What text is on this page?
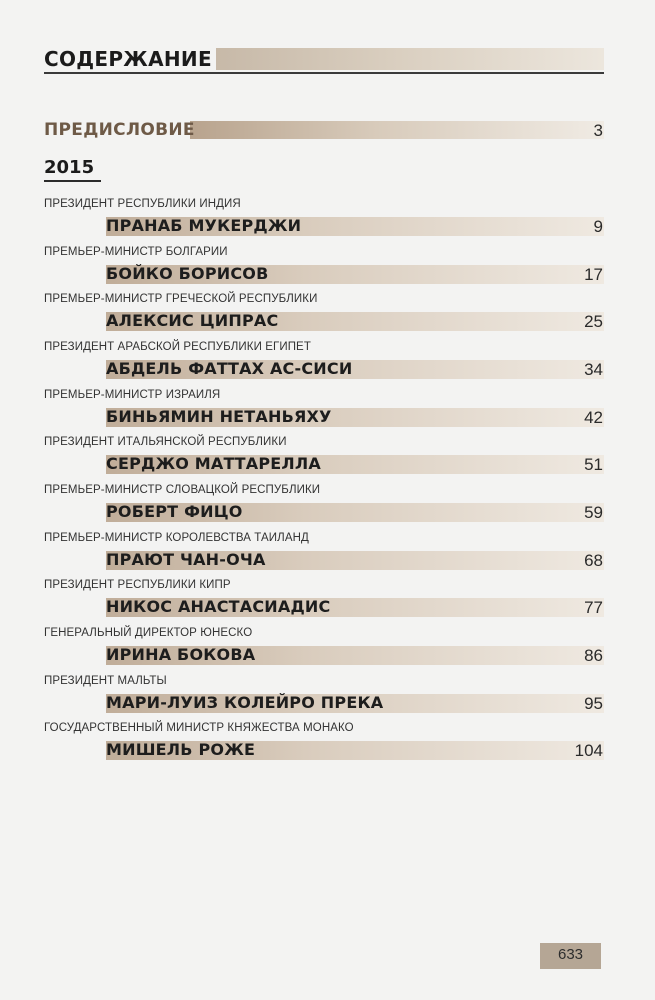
СОДЕРЖАНИЕ
ПРЕДИСЛОВИЕ	3
2015
ПРЕЗИДЕНТ РЕСПУБЛИКИ ИНДИЯ
ПРАНАБ МУКЕРДЖИ	9
ПРЕМЬЕР-МИНИСТР БОЛГАРИИ
БОЙКО БОРИСОВ	17
ПРЕМЬЕР-МИНИСТР ГРЕЧЕСКОЙ РЕСПУБЛИКИ
АЛЕКСИС ЦИПРАС	25
ПРЕЗИДЕНТ АРАБСКОЙ РЕСПУБЛИКИ ЕГИПЕТ
АБДЕЛЬ ФАТТАХ АС-СИСИ	34
ПРЕМЬЕР-МИНИСТР ИЗРАИЛЯ
БИНЬЯМИН НЕТАНЬЯХУ	42
ПРЕЗИДЕНТ ИТАЛЬЯНСКОЙ РЕСПУБЛИКИ
СЕРДЖО МАТТАРЕЛЛА	51
ПРЕМЬЕР-МИНИСТР СЛОВАЦКОЙ РЕСПУБЛИКИ
РОБЕРТ ФИЦО	59
ПРЕМЬЕР-МИНИСТР КОРОЛЕВСТВА ТАИЛАНД
ПРАЮТ ЧАН-ОЧА	68
ПРЕЗИДЕНТ РЕСПУБЛИКИ КИПР
НИКОС АНАСТАСИАДИС	77
ГЕНЕРАЛЬНЫЙ ДИРЕКТОР ЮНЕСКО
ИРИНА БОКОВА	86
ПРЕЗИДЕНТ МАЛЬТЫ
МАРИ-ЛУИЗ КОЛЕЙРО ПРЕКА	95
ГОСУДАРСТВЕННЫЙ МИНИСТР КНЯЖЕСТВА МОНАКО
МИШЕЛЬ РОЖЕ	104
633
